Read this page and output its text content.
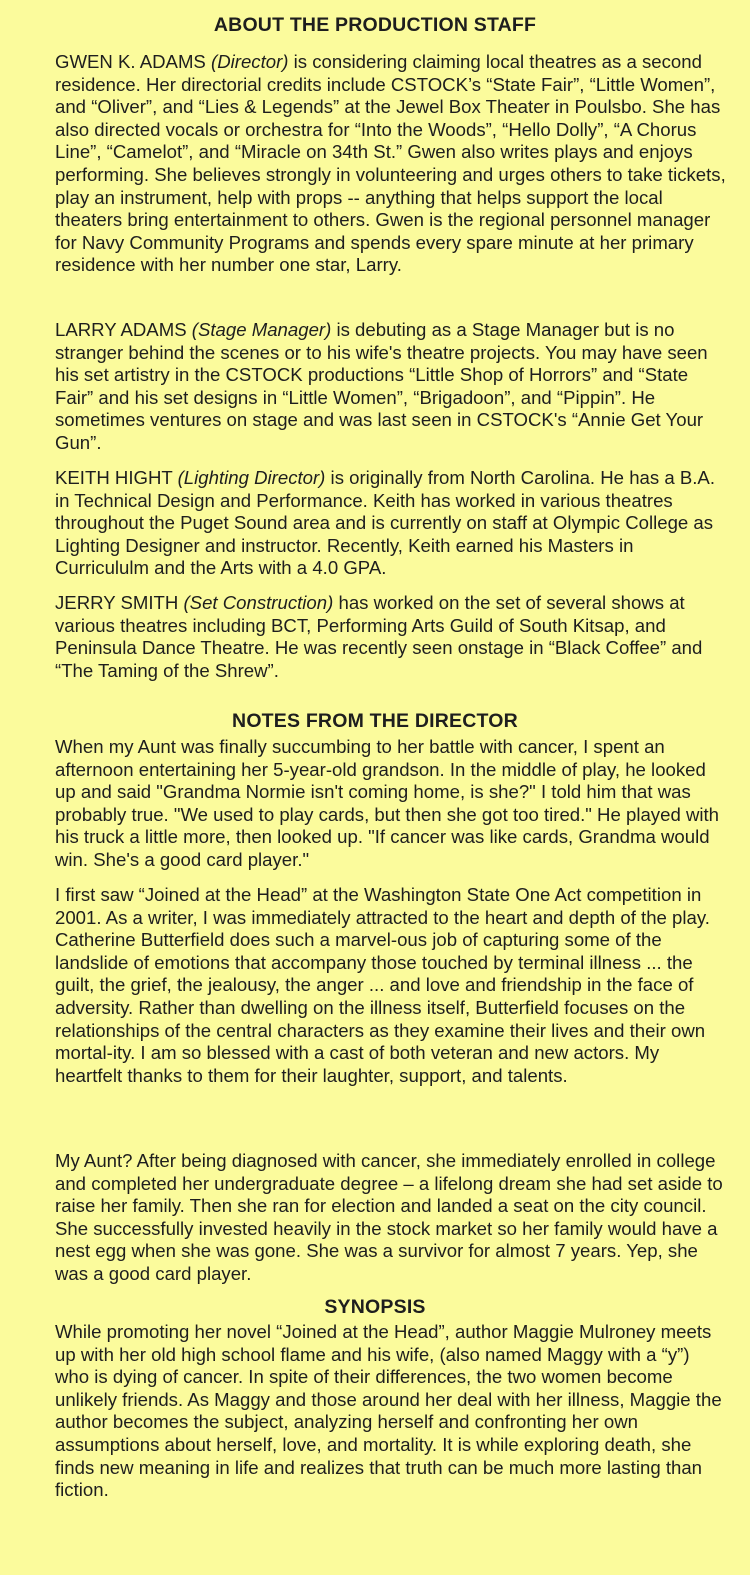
ABOUT THE PRODUCTION STAFF

GWEN K. ADAMS (Director) is considering claiming local theatres as a second residence. Her directorial credits include CSTOCK’s “State Fair”, “Little Women”, and “Oliver”, and “Lies & Legends” at the Jewel Box Theater in Poulsbo. She has also directed vocals or orchestra for “Into the Woods”, “Hello Dolly”, “A Chorus Line”, “Camelot”, and “Miracle on 34th St.” Gwen also writes plays and enjoys performing. She believes strongly in volunteering and urges others to take tickets, play an instrument, help with props -- anything that helps support the local theaters bring entertainment to others. Gwen is the regional personnel manager for Navy Community Programs and spends every spare minute at her primary residence with her number one star, Larry.

LARRY ADAMS (Stage Manager) is debuting as a Stage Manager but is no stranger behind the scenes or to his wife's theatre projects. You may have seen his set artistry in the CSTOCK productions “Little Shop of Horrors” and “State Fair” and his set designs in “Little Women”, “Brigadoon”, and “Pippin”. He sometimes ventures on stage and was last seen in CSTOCK's “Annie Get Your Gun”.

KEITH HIGHT (Lighting Director) is originally from North Carolina. He has a B.A. in Technical Design and Performance. Keith has worked in various theatres throughout the Puget Sound area and is currently on staff at Olympic College as Lighting Designer and instructor. Recently, Keith earned his Masters in Curricululm and the Arts with a 4.0 GPA.

JERRY SMITH (Set Construction) has worked on the set of several shows at various theatres including BCT, Performing Arts Guild of South Kitsap, and Peninsula Dance Theatre. He was recently seen onstage in “Black Coffee” and “The Taming of the Shrew”.

NOTES FROM THE DIRECTOR

When my Aunt was finally succumbing to her battle with cancer, I spent an afternoon entertaining her 5-year-old grandson. In the middle of play, he looked up and said "Grandma Normie isn't coming home, is she?" I told him that was probably true. "We used to play cards, but then she got too tired." He played with his truck a little more, then looked up. "If cancer was like cards, Grandma would win. She's a good card player."

I first saw “Joined at the Head” at the Washington State One Act competition in 2001. As a writer, I was immediately attracted to the heart and depth of the play. Catherine Butterfield does such a marvel-ous job of capturing some of the landslide of emotions that accompany those touched by terminal illness ... the guilt, the grief, the jealousy, the anger ... and love and friendship in the face of adversity. Rather than dwelling on the illness itself, Butterfield focuses on the relationships of the central characters as they examine their lives and their own mortal-ity. I am so blessed with a cast of both veteran and new actors. My heartfelt thanks to them for their laughter, support, and talents.

My Aunt? After being diagnosed with cancer, she immediately enrolled in college and completed her undergraduate degree – a lifelong dream she had set aside to raise her family. Then she ran for election and landed a seat on the city council. She successfully invested heavily in the stock market so her family would have a nest egg when she was gone. She was a survivor for almost 7 years. Yep, she was a good card player.

SYNOPSIS

While promoting her novel “Joined at the Head”, author Maggie Mulroney meets up with her old high school flame and his wife, (also named Maggy with a “y”) who is dying of cancer. In spite of their differences, the two women become unlikely friends. As Maggy and those around her deal with her illness, Maggie the author becomes the subject, analyzing herself and confronting her own assumptions about herself, love, and mortality. It is while exploring death, she finds new meaning in life and realizes that truth can be much more lasting than fiction.
